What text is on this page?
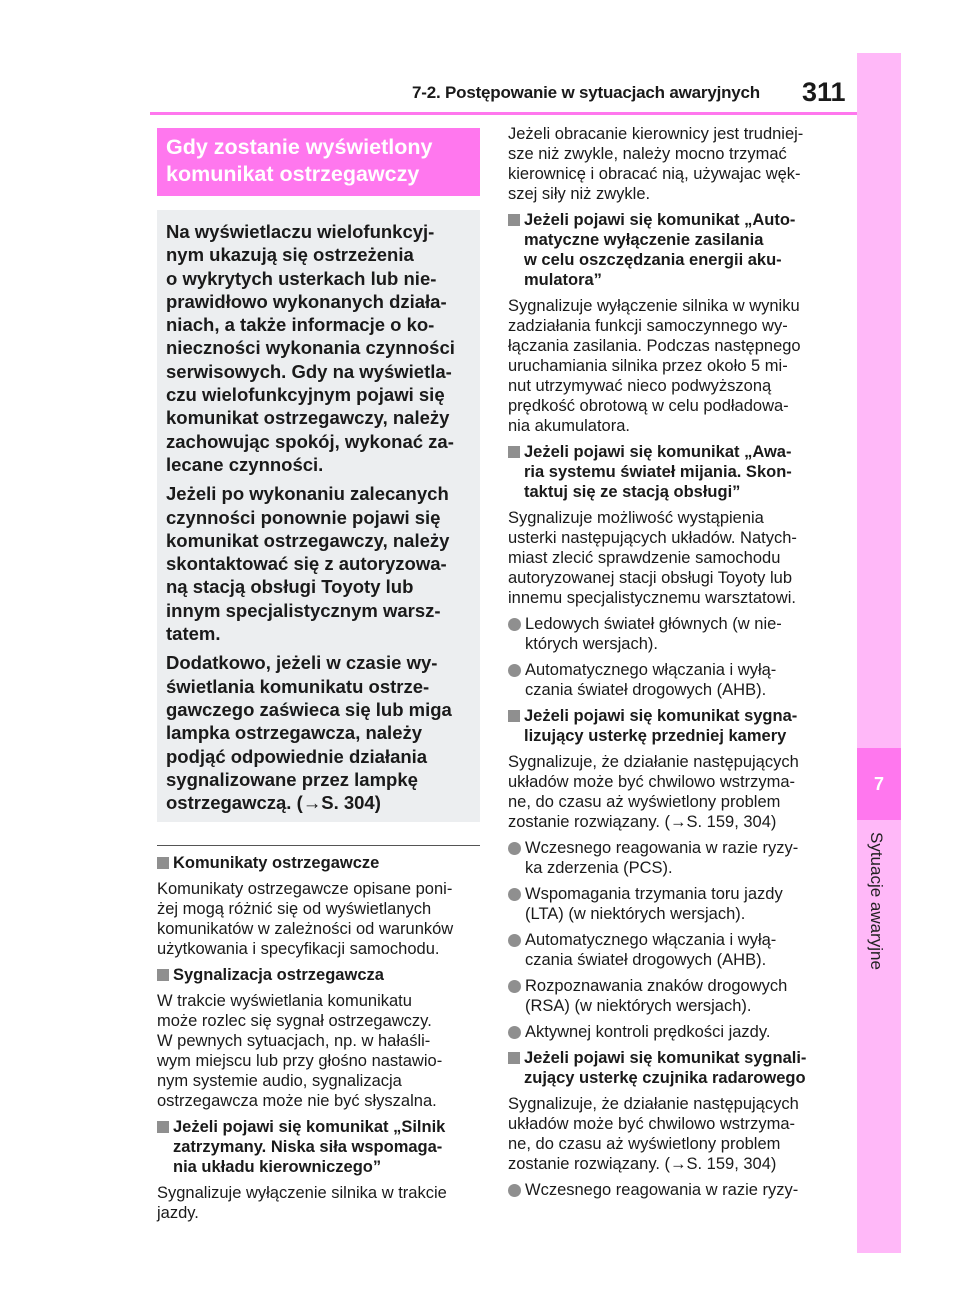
7
Sytuacje awaryjne
7-2. Postępowanie w sytuacjach awaryjnych 311
Gdy zostanie wyświetlony
komunikat ostrzegawczy

Na wyświetlaczu wielofunkcyj-
nym ukazują się ostrzeżenia
o wykrytych usterkach lub nie-
prawidłowo wykonanych działa-
niach, a także informacje o ko-
nieczności wykonania czynności
serwisowych. Gdy na wyświetla-
czu wielofunkcyjnym pojawi się
komunikat ostrzegawczy, należy
zachowując spokój, wykonać za-
lecane czynności.

Jeżeli po wykonaniu zalecanych
czynności ponownie pojawi się
komunikat ostrzegawczy, należy
skontaktować się z autoryzowa-
ną stacją obsługi Toyoty lub
innym specjalistycznym warsz-
tatem.

Dodatkowo, jeżeli w czasie wy-
świetlania komunikatu ostrze-
gawczego zaświeca się lub miga
lampka ostrzegawcza, należy
podjąć odpowiednie działania
sygnalizowane przez lampkę
ostrzegawczą. (→S. 304)

Komunikaty ostrzegawcze
Komunikaty ostrzegawcze opisane poni-
żej mogą różnić się od wyświetlanych
komunikatów w zależności od warunków
użytkowania i specyfikacji samochodu.
Sygnalizacja ostrzegawcza
W trakcie wyświetlania komunikatu
może rozlec się sygnał ostrzegawczy.
W pewnych sytuacjach, np. w hałaśli-
wym miejscu lub przy głośno nastawio-
nym systemie audio, sygnalizacja
ostrzegawcza może nie być słyszalna.
Jeżeli pojawi się komunikat „Silnik
zatrzymany. Niska siła wspomaga-
nia układu kierowniczego”
Sygnalizuje wyłączenie silnika w trakcie
jazdy.
Jeżeli obracanie kierownicy jest trudniej-
sze niż zwykle, należy mocno trzymać
kierownicę i obracać nią, używajac węk-
szej siły niż zwykle.
Jeżeli pojawi się komunikat „Auto-
matyczne wyłączenie zasilania
w celu oszczędzania energii aku-
mulatora”
Sygnalizuje wyłączenie silnika w wyniku
zadziałania funkcji samoczynnego wy-
łączania zasilania. Podczas następnego
uruchamiania silnika przez około 5 mi-
nut utrzymywać nieco podwyższoną
prędkość obrotową w celu podładowa-
nia akumulatora.
Jeżeli pojawi się komunikat „Awa-
ria systemu świateł mijania. Skon-
taktuj się ze stacją obsługi”
Sygnalizuje możliwość wystąpienia
usterki następujących układów. Natych-
miast zlecić sprawdzenie samochodu
autoryzowanej stacji obsługi Toyoty lub
innemu specjalistycznemu warsztatowi.
Ledowych świateł głównych (w nie-
których wersjach).
Automatycznego włączania i wyłą-
czania świateł drogowych (AHB).
Jeżeli pojawi się komunikat sygna-
lizujący usterkę przedniej kamery
Sygnalizuje, że działanie następujących
układów może być chwilowo wstrzyma-
ne, do czasu aż wyświetlony problem
zostanie rozwiązany. (→S. 159, 304)
Wczesnego reagowania w razie ryzy-
ka zderzenia (PCS).
Wspomagania trzymania toru jazdy
(LTA) (w niektórych wersjach).
Automatycznego włączania i wyłą-
czania świateł drogowych (AHB).
Rozpoznawania znaków drogowych
(RSA) (w niektórych wersjach).
Aktywnej kontroli prędkości jazdy.
Jeżeli pojawi się komunikat sygnali-
zujący usterkę czujnika radarowego
Sygnalizuje, że działanie następujących
układów może być chwilowo wstrzyma-
ne, do czasu aż wyświetlony problem
zostanie rozwiązany. (→S. 159, 304)
Wczesnego reagowania w razie ryzy-
